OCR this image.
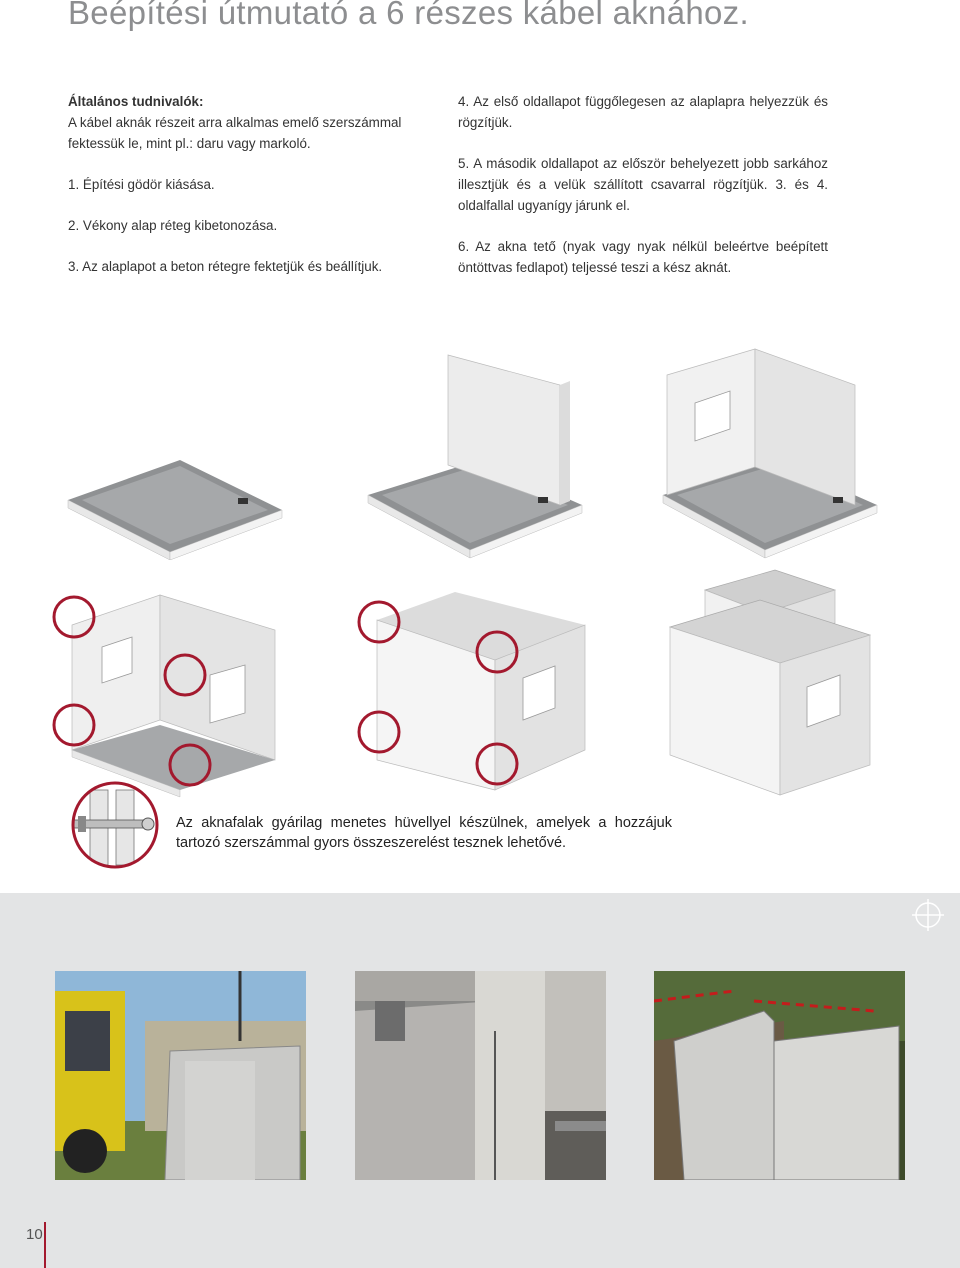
Beépítési útmutató a 6 részes kábel aknához.

Általános tudnivalók:
A kábel aknák részeit arra alkalmas emelő szerszámmal fektessük le, mint pl.: daru vagy markoló.

1. Építési gödör kiásása.

2. Vékony alap réteg kibetonozása.

3. Az alaplapot a beton rétegre fektetjük és beállítjuk.

4. Az első oldallapot függőlegesen az alaplapra helyezzük és rögzítjük.

5. A második oldallapot az először behelyezett jobb sarkához illesztjük és a velük szállított csavarral rögzítjük. 3. és 4. oldalfallal ugyanígy járunk el.

6. Az akna tető (nyak vagy nyak nélkül beleértve beépített öntöttvas fedlapot) teljessé teszi a kész aknát.

Az aknafalak gyárilag menetes hüvellyel készülnek, amelyek a hozzájuk tartozó szerszámmal gyors összeszerelést tesznek lehetővé.
10
